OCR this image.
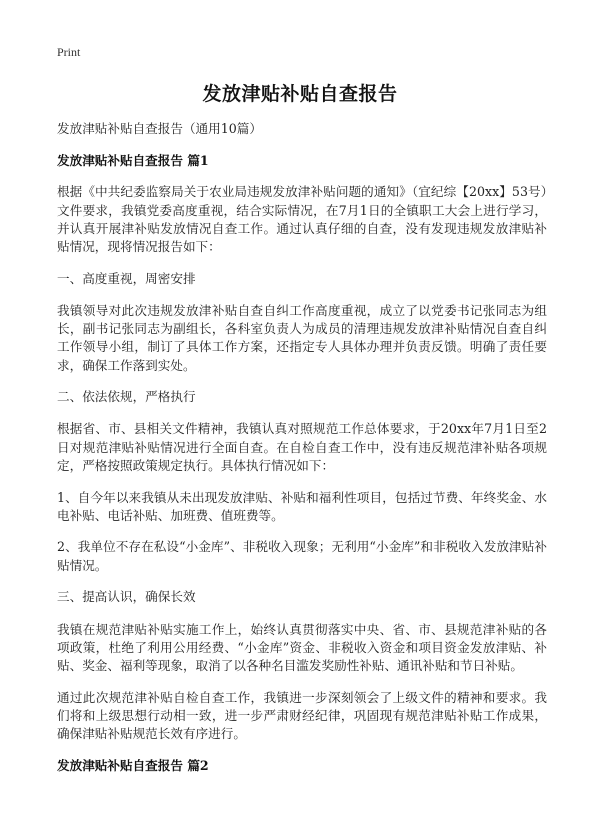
Print
发放津贴补贴自查报告

发放津贴补贴自查报告（通用10篇）

发放津贴补贴自查报告 篇1

根据《中共纪委监察局关于农业局违规发放津补贴问题的通知》（宜纪综【20xx】53号）文件要求，我镇党委高度重视，结合实际情况，在7月1日的全镇职工大会上进行学习，并认真开展津补贴发放情况自查工作。通过认真仔细的自查，没有发现违规发放津贴补贴情况，现将情况报告如下：

一、高度重视，周密安排

我镇领导对此次违规发放津补贴自查自纠工作高度重视，成立了以党委书记张同志为组长，副书记张同志为副组长，各科室负责人为成员的清理违规发放津补贴情况自查自纠工作领导小组，制订了具体工作方案，还指定专人具体办理并负责反馈。明确了责任要求，确保工作落到实处。

二、依法依规，严格执行

根据省、市、县相关文件精神，我镇认真对照规范工作总体要求，于20xx年7月1日至2日对规范津贴补贴情况进行全面自查。在自检自查工作中，没有违反规范津补贴各项规定，严格按照政策规定执行。具体执行情况如下：

1、自今年以来我镇从未出现发放津贴、补贴和福利性项目，包括过节费、年终奖金、水电补贴、电话补贴、加班费、值班费等。

2、我单位不存在私设“小金库”、非税收入现象；无利用“小金库”和非税收入发放津贴补贴情况。

三、提高认识，确保长效

我镇在规范津贴补贴实施工作上，始终认真贯彻落实中央、省、市、县规范津补贴的各项政策，杜绝了利用公用经费、“小金库”资金、非税收入资金和项目资金发放津贴、补贴、奖金、福利等现象，取消了以各种名目滥发奖励性补贴、通讯补贴和节日补贴。

通过此次规范津补贴自检自查工作，我镇进一步深刻领会了上级文件的精神和要求。我们将和上级思想行动相一致，进一步严肃财经纪律，巩固现有规范津贴补贴工作成果，确保津贴补贴规范长效有序进行。

发放津贴补贴自查报告 篇2
